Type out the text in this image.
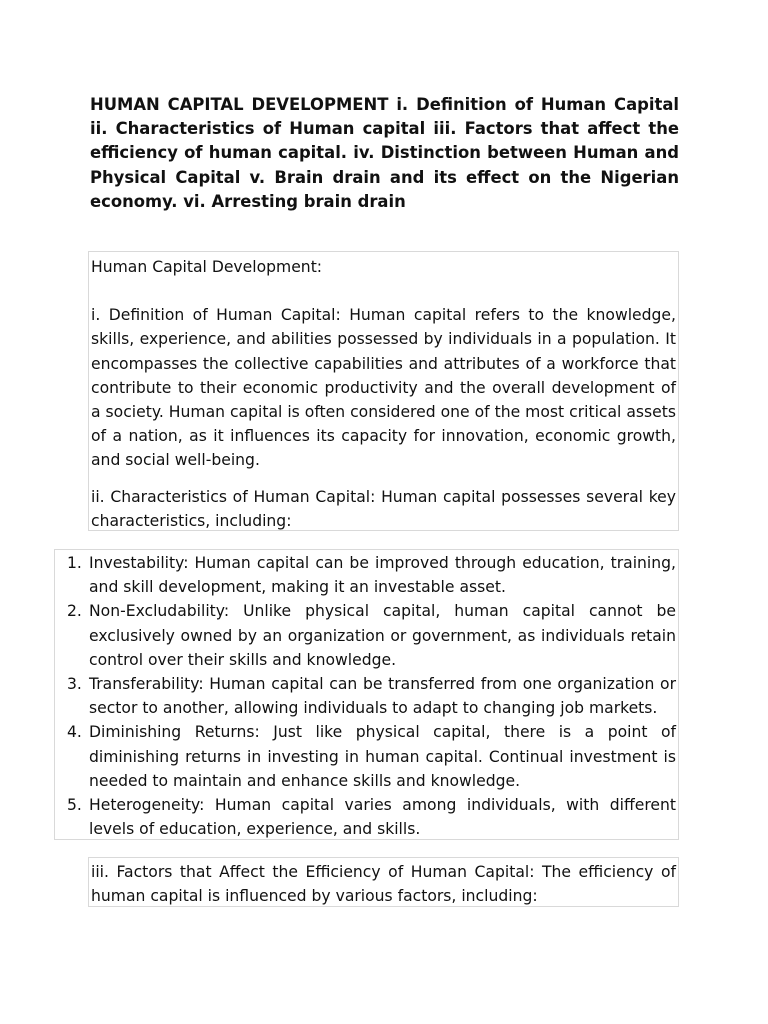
HUMAN CAPITAL DEVELOPMENT i. Definition of Human Capital ii. Characteristics of Human capital iii. Factors that affect the efficiency of human capital. iv. Distinction between Human and Physical Capital v. Brain drain and its effect on the Nigerian economy. vi. Arresting brain drain

Human Capital Development:

i. Definition of Human Capital: Human capital refers to the knowledge, skills, experience, and abilities possessed by individuals in a population. It encompasses the collective capabilities and attributes of a workforce that contribute to their economic productivity and the overall development of a society. Human capital is often considered one of the most critical assets of a nation, as it influences its capacity for innovation, economic growth, and social well-being.

ii. Characteristics of Human Capital: Human capital possesses several key characteristics, including:

1. Investability: Human capital can be improved through education, training, and skill development, making it an investable asset.
2. Non-Excludability: Unlike physical capital, human capital cannot be exclusively owned by an organization or government, as individuals retain control over their skills and knowledge.
3. Transferability: Human capital can be transferred from one organization or sector to another, allowing individuals to adapt to changing job markets.
4. Diminishing Returns: Just like physical capital, there is a point of diminishing returns in investing in human capital. Continual investment is needed to maintain and enhance skills and knowledge.
5. Heterogeneity: Human capital varies among individuals, with different levels of education, experience, and skills.

iii. Factors that Affect the Efficiency of Human Capital: The efficiency of human capital is influenced by various factors, including:
